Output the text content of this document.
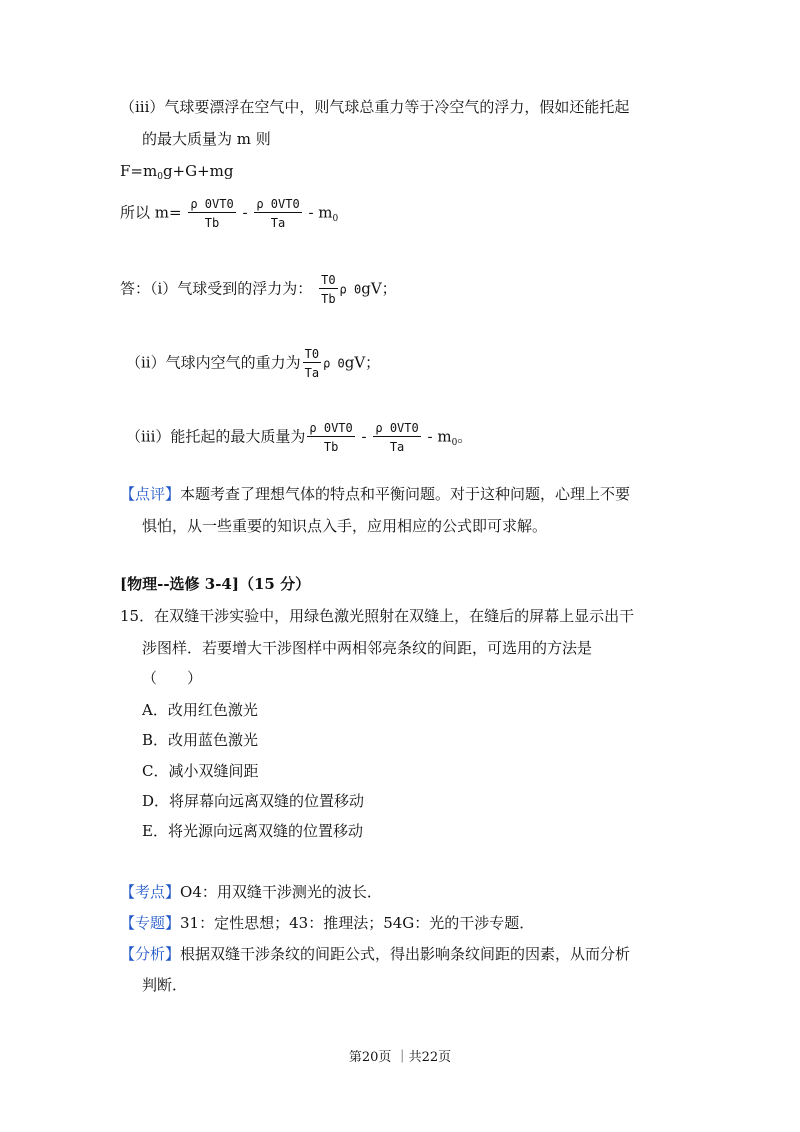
（iii）气球要漂浮在空气中，则气球总重力等于冷空气的浮力，假如还能托起
的最大质量为 m 则
$F=m_0g+G+mg$
所以 $m= \frac{\rho 0VT0}{Tb} - \frac{\rho 0VT0}{Ta} - m_0$
答：（i）气球受到的浮力为： $\frac{T0}{Tb}$ ρ 0gV；
（ii）气球内空气的重力为 $\frac{T0}{Ta}$ ρ 0gV；
（iii）能托起的最大质量为 $\frac{\rho 0VT0}{Tb} - \frac{\rho 0VT0}{Ta} - m_0$。
【点评】本题考查了理想气体的特点和平衡问题。对于这种问题，心理上不要
惧怕，从一些重要的知识点入手，应用相应的公式即可求解。
[物理--选修 3-4]（15 分）
15．在双缝干涉实验中，用绿色激光照射在双缝上，在缝后的屏幕上显示出干
涉图样．若要增大干涉图样中两相邻亮条纹的间距，可选用的方法是
（　　）
A．改用红色激光
B．改用蓝色激光
C．减小双缝间距
D．将屏幕向远离双缝的位置移动
E．将光源向远离双缝的位置移动
【考点】O4：用双缝干涉测光的波长．
【专题】31：定性思想；43：推理法；54G：光的干涉专题．
【分析】根据双缝干涉条纹的间距公式，得出影响条纹间距的因素，从而分析
判断．
第20页 ｜共22页
